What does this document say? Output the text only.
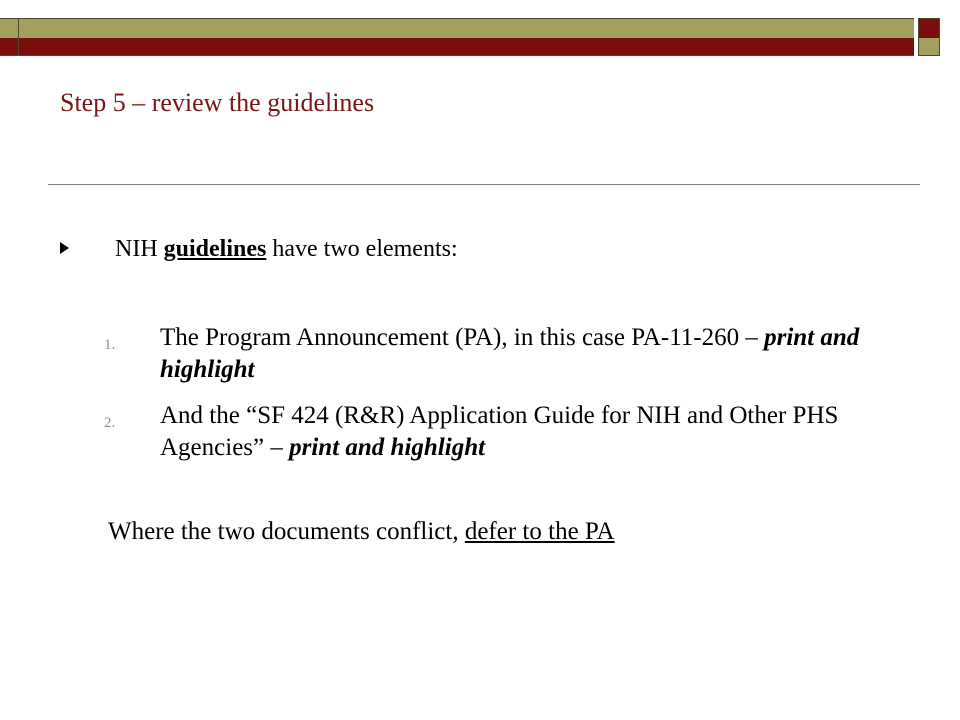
Step 5 – review the guidelines
NIH guidelines have two elements:
1. The Program Announcement (PA), in this case PA-11-260 – print and highlight
2. And the “SF 424 (R&R) Application Guide for NIH and Other PHS Agencies” – print and highlight
Where the two documents conflict, defer to the PA
